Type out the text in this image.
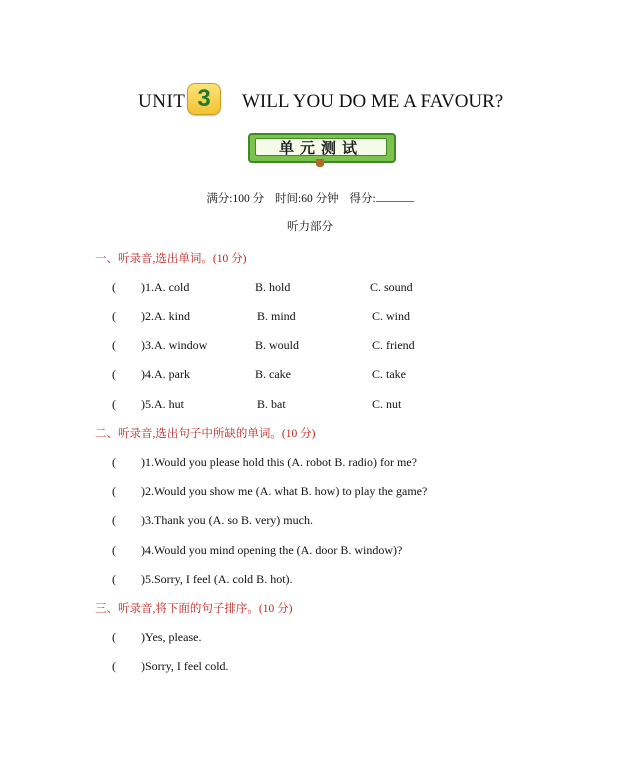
UNIT 3	WILL YOU DO ME A FAVOUR?
单元测试
满分:100 分 时间:60 分钟 得分:
听力部分
一、听录音,选出单词。(10 分)
( )1.A. cold	B. hold	C. sound
( )2.A. kind	B. mind	C. wind
( )3.A. window	B. would	C. friend
( )4.A. park	B. cake	C. take
( )5.A. hut	B. bat	C. nut
二、听录音,选出句子中所缺的单词。(10 分)
( )1.Would you please hold this (A. robot B. radio) for me?
( )2.Would you show me (A. what B. how) to play the game?
( )3.Thank you (A. so B. very) much.
( )4.Would you mind opening the (A. door B. window)?
( )5.Sorry, I feel (A. cold B. hot).
三、听录音,将下面的句子排序。(10 分)
( )Yes, please.
( )Sorry, I feel cold.
